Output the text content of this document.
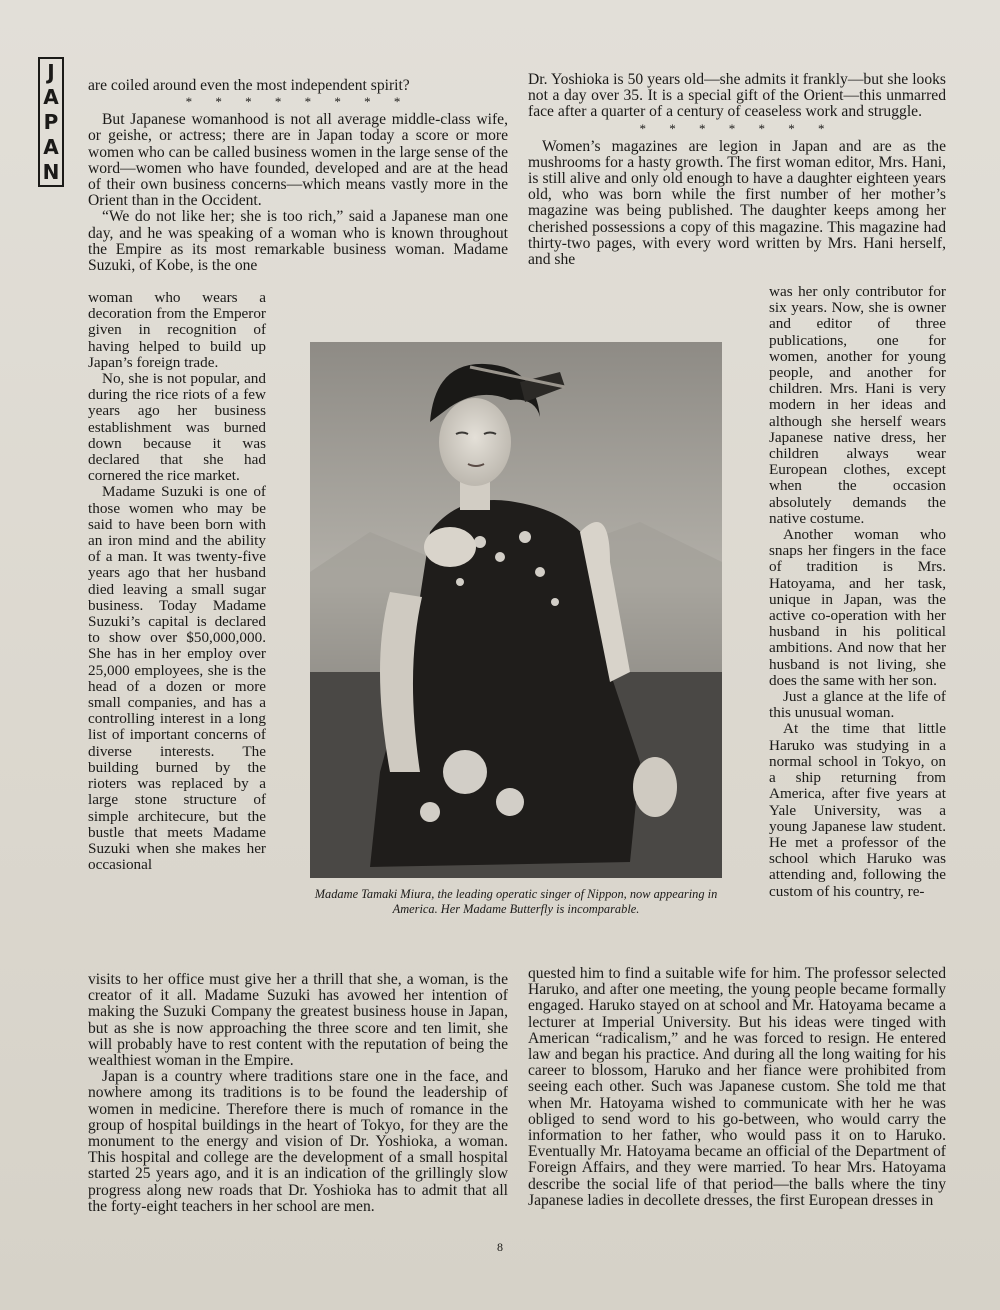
J
A
P
A
N

are coiled around even the most independent spirit?

* * * * * * * *

But Japanese womanhood is not all average middle-class wife, or geishe, or actress; there are in Japan today a score or more women who can be called business women in the large sense of the word—women who have founded, developed and are at the head of their own business concerns—which means vastly more in the Orient than in the Occident.

“We do not like her; she is too rich,” said a Japanese man one day, and he was speaking of a woman who is known throughout the Empire as its most remarkable business woman. Madame Suzuki, of Kobe, is the one

woman who wears a decoration from the Emperor given in recognition of having helped to build up Japan’s foreign trade.

No, she is not popular, and during the rice riots of a few years ago her business establishment was burned down because it was declared that she had cornered the rice market.

Madame Suzuki is one of those women who may be said to have been born with an iron mind and the ability of a man. It was twenty-five years ago that her husband died leaving a small sugar business. Today Madame Suzuki’s capital is declared to show over $50,000,000. She has in her employ over 25,000 employees, she is the head of a dozen or more small companies, and has a controlling interest in a long list of important concerns of diverse interests. The building burned by the rioters was replaced by a large stone structure of simple architecure, but the bustle that meets Madame Suzuki when she makes her occasional

visits to her office must give her a thrill that she, a woman, is the creator of it all. Madame Suzuki has avowed her intention of making the Suzuki Company the greatest business house in Japan, but as she is now approaching the three score and ten limit, she will probably have to rest content with the reputation of being the wealthiest woman in the Empire.

Japan is a country where traditions stare one in the face, and nowhere among its traditions is to be found the leadership of women in medicine. Therefore there is much of romance in the group of hospital buildings in the heart of Tokyo, for they are the monument to the energy and vision of Dr. Yoshioka, a woman. This hospital and college are the development of a small hospital started 25 years ago, and it is an indication of the grillingly slow progress along new roads that Dr. Yoshioka has to admit that all the forty-eight teachers in her school are men.

Dr. Yoshioka is 50 years old—she admits it frankly—but she looks not a day over 35. It is a special gift of the Orient—this unmarred face after a quarter of a century of ceaseless work and struggle.

* * * * * * *

Women’s magazines are legion in Japan and are as the mushrooms for a hasty growth. The first woman editor, Mrs. Hani, is still alive and only old enough to have a daughter eighteen years old, who was born while the first number of her mother’s magazine was being published. The daughter keeps among her cherished possessions a copy of this magazine. This magazine had thirty-two pages, with every word written by Mrs. Hani herself, and she

was her only contributor for six years. Now, she is owner and editor of three publications, one for women, another for young people, and another for children. Mrs. Hani is very modern in her ideas and although she herself wears Japanese native dress, her children always wear European clothes, except when the occasion absolutely demands the native costume.

Another woman who snaps her fingers in the face of tradition is Mrs. Hatoyama, and her task, unique in Japan, was the active co-operation with her husband in his political ambitions. And now that her husband is not living, she does the same with her son.

Just a glance at the life of this unusual woman.

At the time that little Haruko was studying in a normal school in Tokyo, on a ship returning from America, after five years at Yale University, was a young Japanese law student. He met a professor of the school which Haruko was attending and, following the custom of his country, re-

quested him to find a suitable wife for him. The professor selected Haruko, and after one meeting, the young people became formally engaged. Haruko stayed on at school and Mr. Hatoyama became a lecturer at Imperial University. But his ideas were tinged with American “radicalism,” and he was forced to resign. He entered law and began his practice. And during all the long waiting for his career to blossom, Haruko and her fiance were prohibited from seeing each other. Such was Japanese custom. She told me that when Mr. Hatoyama wished to communicate with her he was obliged to send word to his go-between, who would carry the information to her father, who would pass it on to Haruko. Eventually Mr. Hatoyama became an official of the Department of Foreign Affairs, and they were married. To hear Mrs. Hatoyama describe the social life of that period—the balls where the tiny Japanese ladies in decollete dresses, the first European dresses in

Madame Tamaki Miura, the leading operatic singer of Nippon, now appearing in America. Her Madame Butterfly is incomparable.
8
